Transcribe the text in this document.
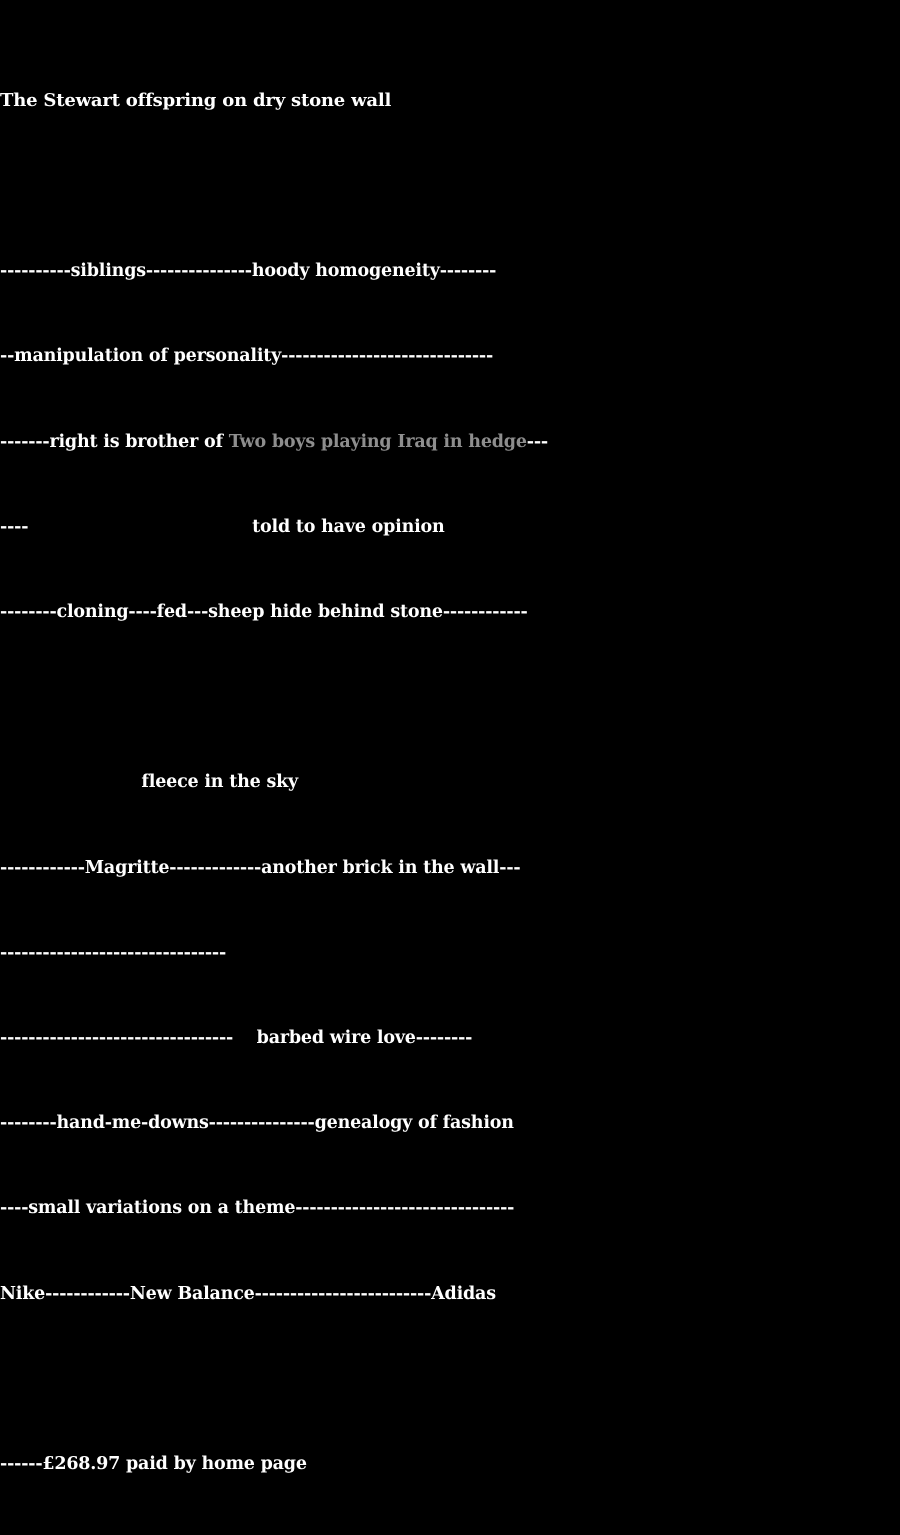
The Stewart offspring on dry stone wall

----------siblings---------------hoody homogeneity--------

--manipulation of personality------------------------------

-------right is brother of Two boys playing Iraq in hedge---

----                                      told to have opinion

--------cloning----fed---sheep hide behind stone------------

fleece in the sky

------------Magritte-------------another brick in the wall---

--------------------------------

---------------------------------    barbed wire love--------

--------hand-me-downs---------------genealogy of fashion

----small variations on a theme-------------------------------

Nike------------New Balance-------------------------Adidas

------£268.97 paid by home page
